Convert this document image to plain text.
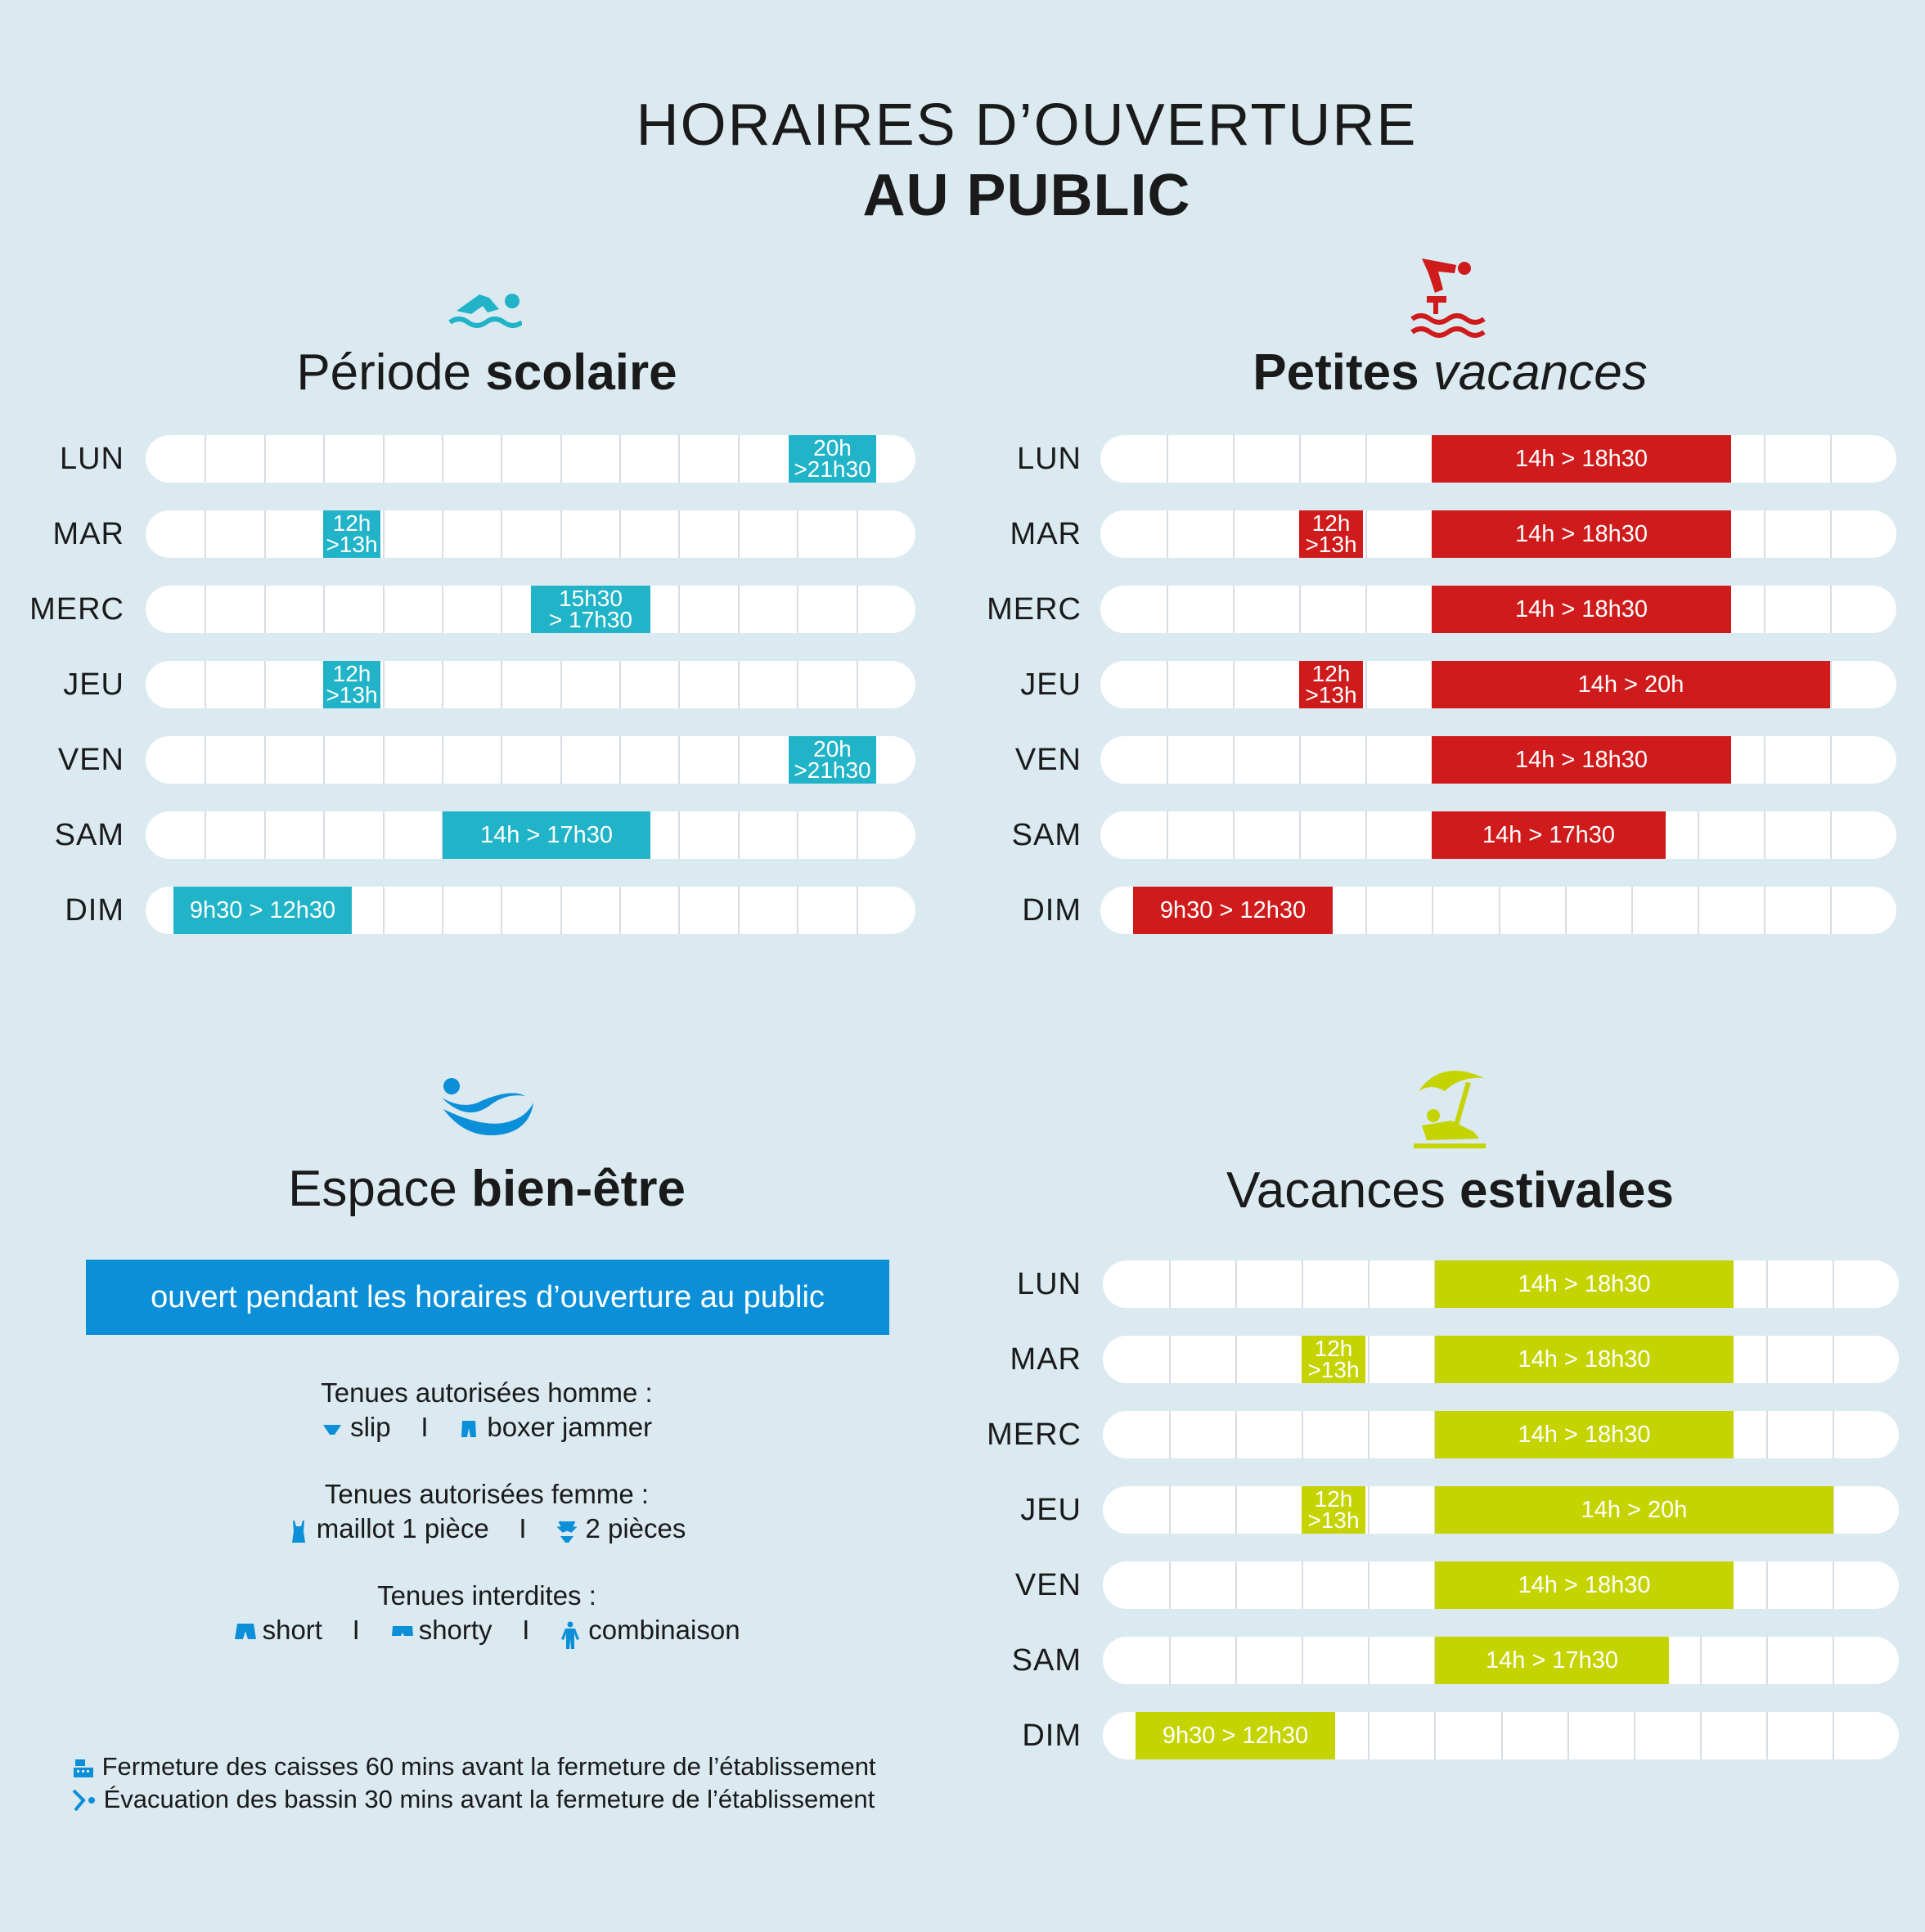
HORAIRES D’OUVERTURE
AU PUBLIC
Période scolaire	Petites vacances
Espace bien-être	Vacances estivales
LUN	20h
>21h30
MAR	12h
>13h
MERC	15h30
> 17h30
JEU	12h
>13h
VEN	20h
>21h30
SAM	14h > 17h30
DIM	9h30 > 12h30
LUN	14h > 18h30
MAR	12h
>13h	14h > 18h30
MERC	14h > 18h30
JEU	12h
>13h	14h > 20h
VEN	14h > 18h30
SAM	14h > 17h30
DIM	9h30 > 12h30
LUN	14h > 18h30
MAR	12h
>13h	14h > 18h30
MERC	14h > 18h30
JEU	12h
>13h	14h > 20h
VEN	14h > 18h30
SAM	14h > 17h30
DIM	9h30 > 12h30
ouvert pendant les horaires d’ouverture au public
Tenues autorisées homme :
slip I boxer jammer
Tenues autorisées femme :
maillot 1 pièce I 2 pièces
Tenues interdites :
short I shorty I combinaison
Fermeture des caisses 60 mins avant la fermeture de l’établissement
Évacuation des bassin 30 mins avant la fermeture de l’établissement
